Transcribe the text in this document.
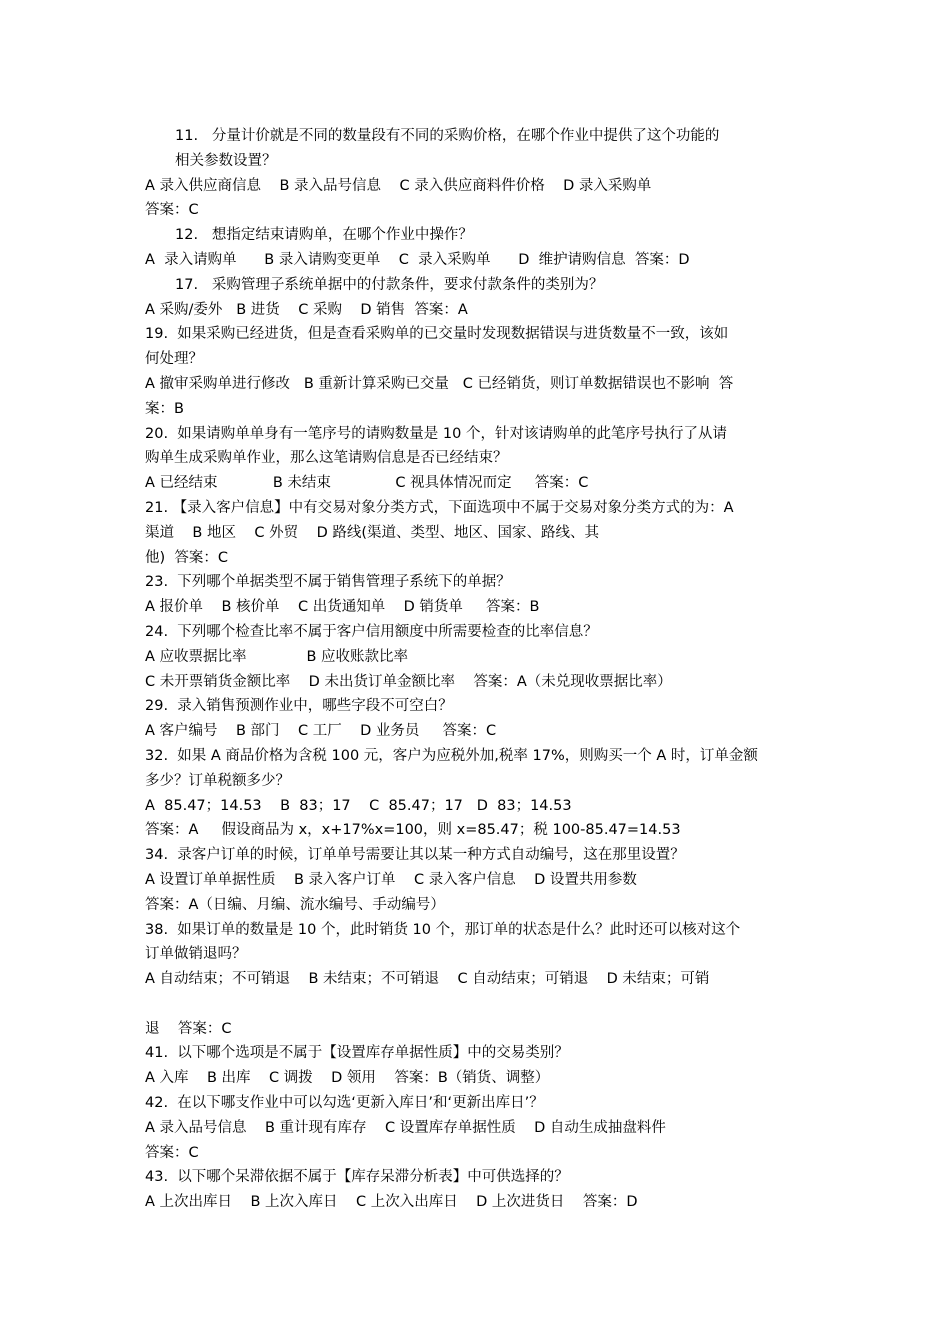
11.   分量计价就是不同的数量段有不同的采购价格，在哪个作业中提供了这个功能的
相关参数设置？
A 录入供应商信息    B 录入品号信息    C 录入供应商料件价格    D 录入采购单
答案：C
12.   想指定结束请购单，在哪个作业中操作？
A  录入请购单      B 录入请购变更单    C  录入采购单      D  维护请购信息  答案：D
17.   采购管理子系统单据中的付款条件，要求付款条件的类别为？
A 采购/委外   B 进货    C 采购    D 销售  答案：A
19.  如果采购已经进货，但是查看采购单的已交量时发现数据错误与进货数量不一致，该如
何处理？
A 撤审采购单进行修改   B 重新计算采购已交量   C 已经销货，则订单数据错误也不影响  答
案：B
20.  如果请购单单身有一笔序号的请购数量是 10 个，针对该请购单的此笔序号执行了从请
购单生成采购单作业，那么这笔请购信息是否已经结束？
A 已经结束            B 未结束              C 视具体情况而定     答案：C
21. 【录入客户信息】中有交易对象分类方式，下面选项中不属于交易对象分类方式的为：A
渠道    B 地区    C 外贸    D 路线(渠道、类型、地区、国家、路线、其
他)  答案：C
23.  下列哪个单据类型不属于销售管理子系统下的单据？
A 报价单    B 核价单    C 出货通知单    D 销货单     答案：B
24.  下列哪个检查比率不属于客户信用额度中所需要检查的比率信息？
A 应收票据比率             B 应收账款比率
C 未开票销货金额比率    D 未出货订单金额比率    答案：A（未兑现收票据比率）
29.  录入销售预测作业中，哪些字段不可空白？
A 客户编号    B 部门    C 工厂    D 业务员     答案：C
32.  如果 A 商品价格为含税 100 元，客户为应税外加,税率 17%，则购买一个 A 时，订单金额
多少？订单税额多少？
A  85.47；14.53    B  83；17    C  85.47；17   D  83；14.53
答案：A     假设商品为 x，x+17%x=100，则 x=85.47；税 100-85.47=14.53
34.  录客户订单的时候，订单单号需要让其以某一种方式自动编号，这在那里设置？
A 设置订单单据性质    B 录入客户订单    C 录入客户信息    D 设置共用参数
答案：A（日编、月编、流水编号、手动编号）
38.  如果订单的数量是 10 个，此时销货 10 个，那订单的状态是什么？此时还可以核对这个
订单做销退吗？
A 自动结束；不可销退    B 未结束；不可销退    C 自动结束；可销退    D 未结束；可销
退    答案：C
41.  以下哪个选项是不属于【设置库存单据性质】中的交易类别？
A 入库    B 出库    C 调拨    D 领用    答案：B（销货、调整）
42.  在以下哪支作业中可以勾选‘更新入库日’和‘更新出库日’？
A 录入品号信息    B 重计现有库存    C 设置库存单据性质    D 自动生成抽盘料件
答案：C
43.  以下哪个呆滞依据不属于【库存呆滞分析表】中可供选择的？
A 上次出库日    B 上次入库日    C 上次入出库日    D 上次进货日    答案：D
